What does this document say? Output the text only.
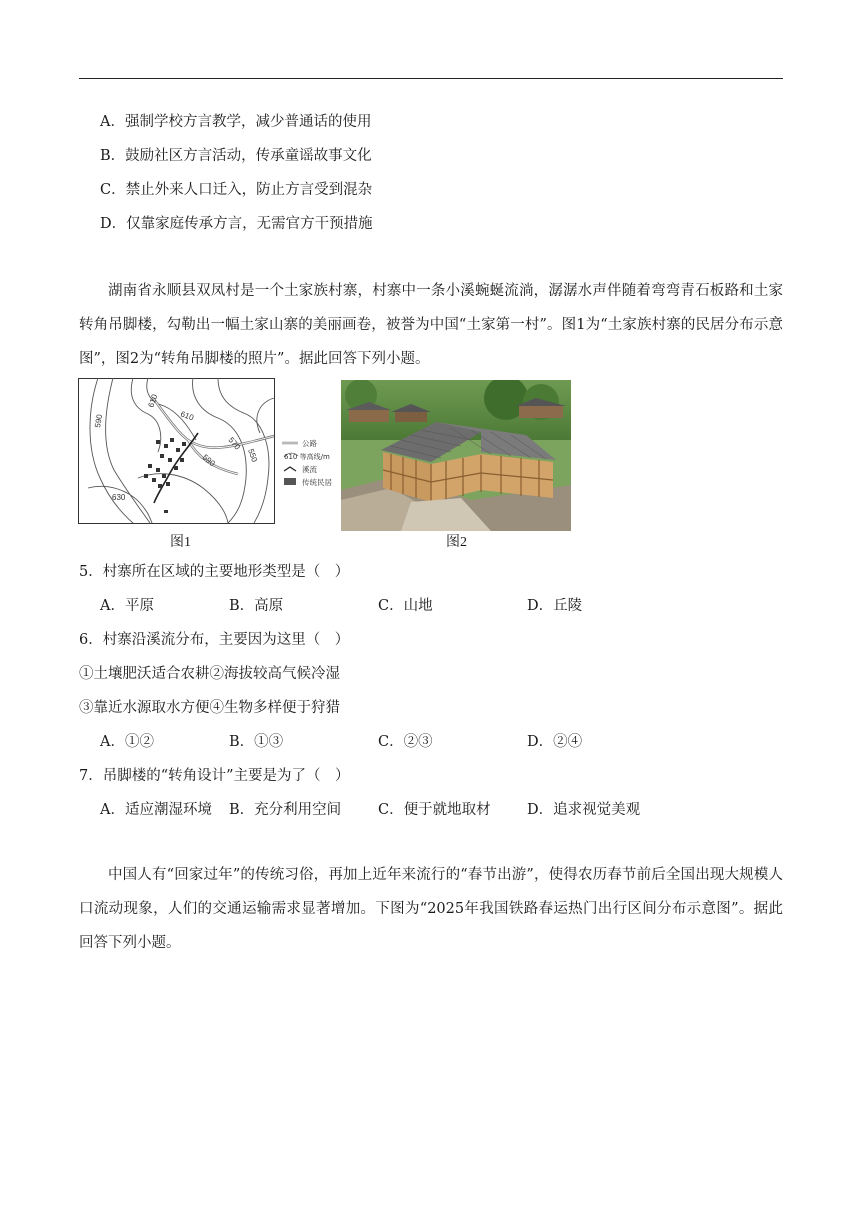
A．强制学校方言教学，减少普通话的使用
B．鼓励社区方言活动，传承童谣故事文化
C．禁止外来人口迁入，防止方言受到混杂
D．仅靠家庭传承方言，无需官方干预措施
湖南省永顺县双凤村是一个土家族村寨，村寨中一条小溪蜿蜒流淌，潺潺水声伴随着弯弯青石板路和土家转角吊脚楼，勾勒出一幅土家山寨的美丽画卷，被誉为中国“土家第一村”。图1为“土家族村寨的民居分布示意图”，图2为“转角吊脚楼的照片”。据此回答下列小题。
610
590	610
590
570
550
630
公路
610 等高线/m
溪流
传统民居
图1	图2
5．村寨所在区域的主要地形类型是（　）
A．平原	B．高原	C．山地	D．丘陵
6．村寨沿溪流分布，主要因为这里（　）
①土壤肥沃适合农耕②海拔较高气候冷湿
③靠近水源取水方便④生物多样便于狩猎
A．①②	B．①③	C．②③	D．②④
7．吊脚楼的“转角设计”主要是为了（　）
A．适应潮湿环境 B．充分利用空间	C．便于就地取材	D．追求视觉美观
中国人有“回家过年”的传统习俗，再加上近年来流行的“春节出游”，使得农历春节前后全国出现大规模人口流动现象，人们的交通运输需求显著增加。下图为“2025年我国铁路春运热门出行区间分布示意图”。据此回答下列小题。
